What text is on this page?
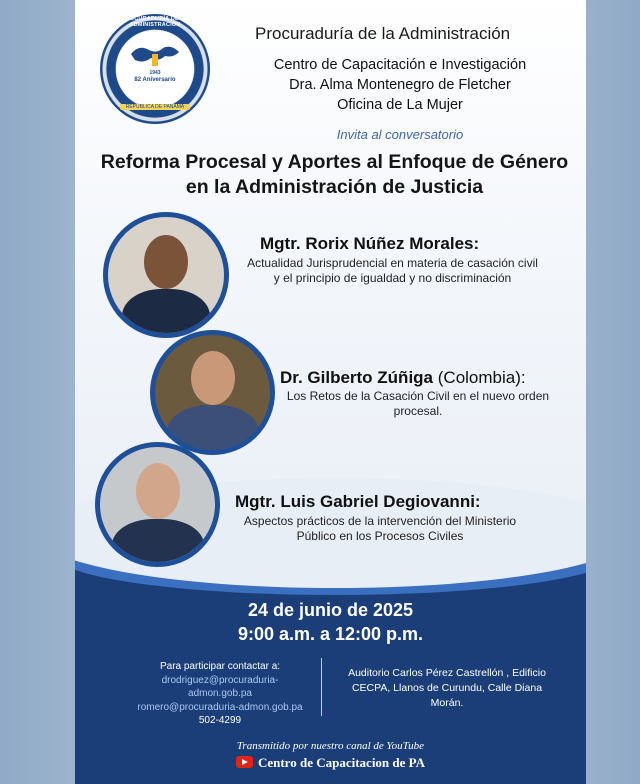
PROCURADURÍA DE LA ADMINISTRACIÓN
82 Aniversario
1943
REPÚBLICA DE PANAMÁ
Procuraduría de la Administración
Centro de Capacitación e Investigación
Dra. Alma Montenegro de Fletcher
Oficina de La Mujer
Invita al conversatorio
Reforma Procesal y Aportes al Enfoque de Género en la Administración de Justicia
Mgtr. Rorix Núñez Morales:
Actualidad Jurisprudencial en materia de casación civil y el principio de igualdad y no discriminación
Dr. Gilberto Zúñiga (Colombia):
Los Retos de la Casación Civil en el nuevo orden procesal.
Mgtr. Luis Gabriel Degiovanni:
Aspectos prácticos de la intervención del Ministerio Público en los Procesos Civiles
24 de junio de 2025
9:00 a.m. a 12:00 p.m.
Para participar contactar a:
drodriguez@procuraduria-admon.gob.pa
romero@procuraduria-admon.gob.pa
502-4299
Auditorio Carlos Pérez Castrellón , Edificio CECPA, Llanos de Curundu, Calle Diana Morán.
Transmitido por nuestro canal de YouTube
Centro de Capacitacion de PA
